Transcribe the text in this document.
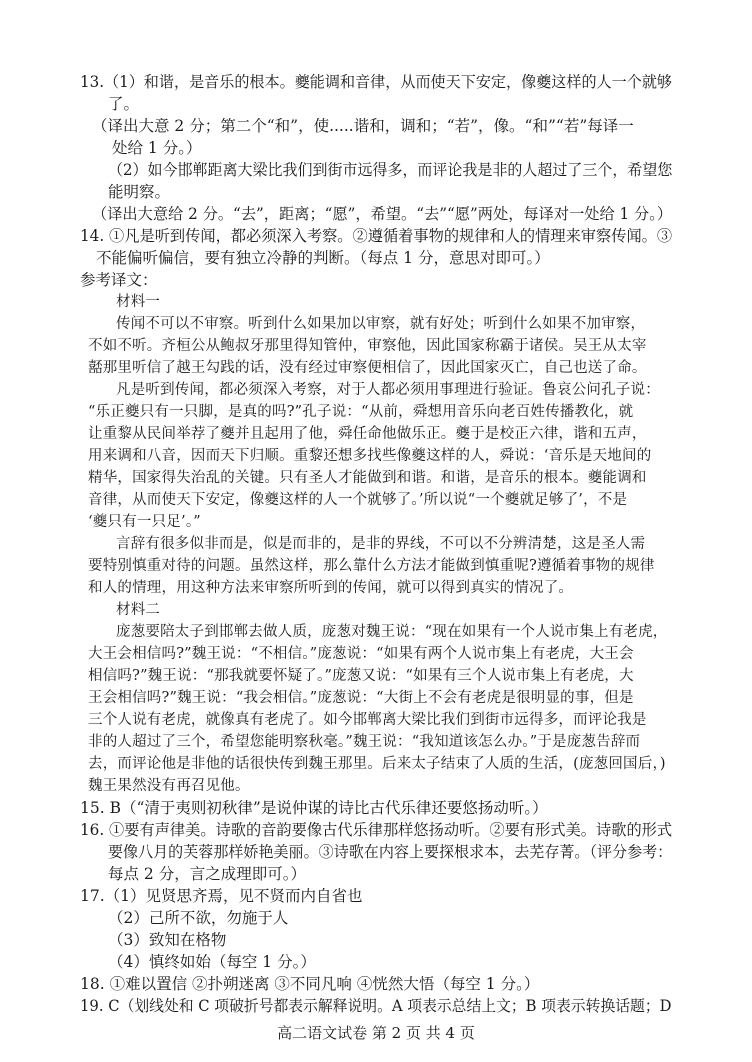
13.（1）和谐，是音乐的根本。夔能调和音律，从而使天下安定，像夔这样的人一个就够
了。
（译出大意 2 分；第二个“和”，使.....谐和，调和；“若”，像。“和”“若”每译一
处给 1 分。）
（2）如今邯郸距离大梁比我们到街市远得多，而评论我是非的人超过了三个，希望您
能明察。
（译出大意给 2 分。“去”，距离；“愿”，希望。“去”“愿”两处，每译对一处给 1 分。）
14. ①凡是听到传闻，都必须深入考察。②遵循着事物的规律和人的情理来审察传闻。③
不能偏听偏信，要有独立冷静的判断。（每点 1 分，意思对即可。）
参考译文：
材料一
传闻不可以不审察。听到什么如果加以审察，就有好处；听到什么如果不加审察，
不如不听。齐桓公从鲍叔牙那里得知管仲，审察他，因此国家称霸于诸侯。吴王从太宰
嚭那里听信了越王勾践的话，没有经过审察便相信了，因此国家灭亡，自己也送了命。
凡是听到传闻，都必须深入考察，对于人都必须用事理进行验证。鲁哀公问孔子说：
“乐正夔只有一只脚，是真的吗?”孔子说：“从前，舜想用音乐向老百姓传播教化，就
让重黎从民间举荐了夔并且起用了他，舜任命他做乐正。夔于是校正六律，谐和五声，
用来调和八音，因而天下归顺。重黎还想多找些像夔这样的人，舜说：‘音乐是天地间的
精华，国家得失治乱的关键。只有圣人才能做到和谐。和谐，是音乐的根本。夔能调和
音律，从而使天下安定，像夔这样的人一个就够了。’所以说“一个夔就足够了’，不是
‘夔只有一只足’。”
言辞有很多似非而是，似是而非的，是非的界线，不可以不分辨清楚，这是圣人需
要特别慎重对待的问题。虽然这样，那么靠什么方法才能做到慎重呢?遵循着事物的规律
和人的情理，用这种方法来审察所听到的传闻，就可以得到真实的情况了。
材料二
庞葱要陪太子到邯郸去做人质，庞葱对魏王说：“现在如果有一个人说市集上有老虎，
大王会相信吗?”魏王说：“不相信。”庞葱说：“如果有两个人说市集上有老虎，大王会
相信吗?”魏王说：“那我就要怀疑了。”庞葱又说：“如果有三个人说市集上有老虎，大
王会相信吗?”魏王说：“我会相信。”庞葱说：“大街上不会有老虎是很明显的事，但是
三个人说有老虎，就像真有老虎了。如今邯郸离大梁比我们到街市远得多，而评论我是
非的人超过了三个，希望您能明察秋毫。”魏王说：“我知道该怎么办。”于是庞葱告辞而
去，而评论他是非他的话很快传到魏王那里。后来太子结束了人质的生活，(庞葱回国后，)
魏王果然没有再召见他。
15. B（“清于夷则初秋律”是说仲谋的诗比古代乐律还要悠扬动听。）
16. ①要有声律美。诗歌的音韵要像古代乐律那样悠扬动听。②要有形式美。诗歌的形式
要像八月的芙蓉那样娇艳美丽。③诗歌在内容上要探根求本，去芜存菁。（评分参考：
每点 2 分，言之成理即可。）
17.（1）见贤思齐焉，见不贤而内自省也
（2）己所不欲，勿施于人
（3）致知在格物
（4）慎终如始（每空 1 分。）
18. ①难以置信 ②扑朔迷离 ③不同凡响 ④恍然大悟（每空 1 分。）
19. C（划线处和 C 项破折号都表示解释说明。A 项表示总结上文；B 项表示转换话题；D
高二语文试卷 第 2 页 共 4 页
